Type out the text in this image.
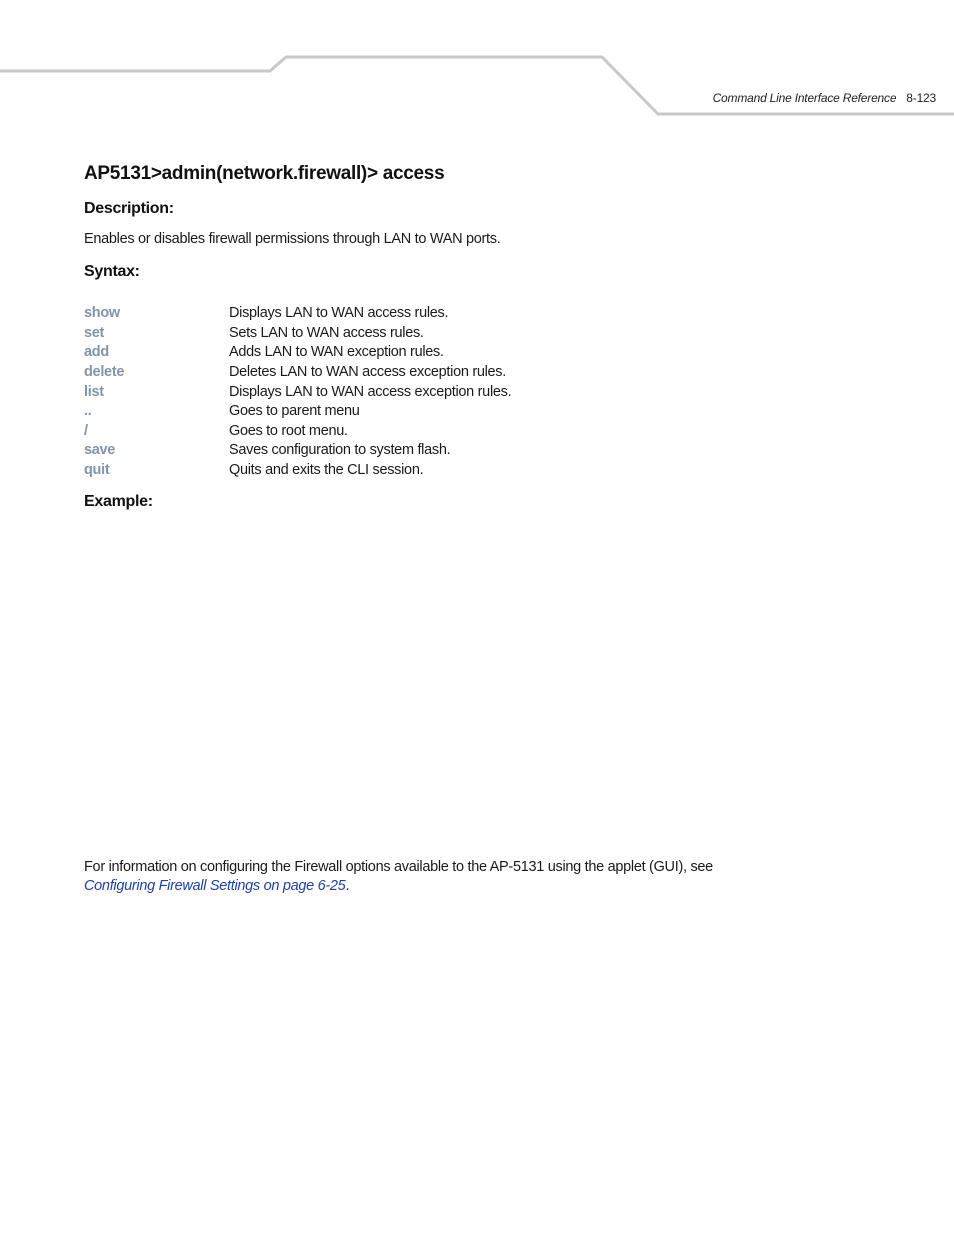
Command Line Interface Reference 8-123
AP5131>admin(network.firewall)> access
Description:

Enables or disables firewall permissions through LAN to WAN ports.

Syntax:
show	Displays LAN to WAN access rules.
set	Sets LAN to WAN access rules.
add	Adds LAN to WAN exception rules.
delete	Deletes LAN to WAN access exception rules.
list	Displays LAN to WAN access exception rules.
..	Goes to parent menu
/	Goes to root menu.
save	Saves configuration to system flash.
quit	Quits and exits the CLI session.
Example:

For information on configuring the Firewall options available to the AP-5131 using the applet (GUI), see
Configuring Firewall Settings on page 6-25.
